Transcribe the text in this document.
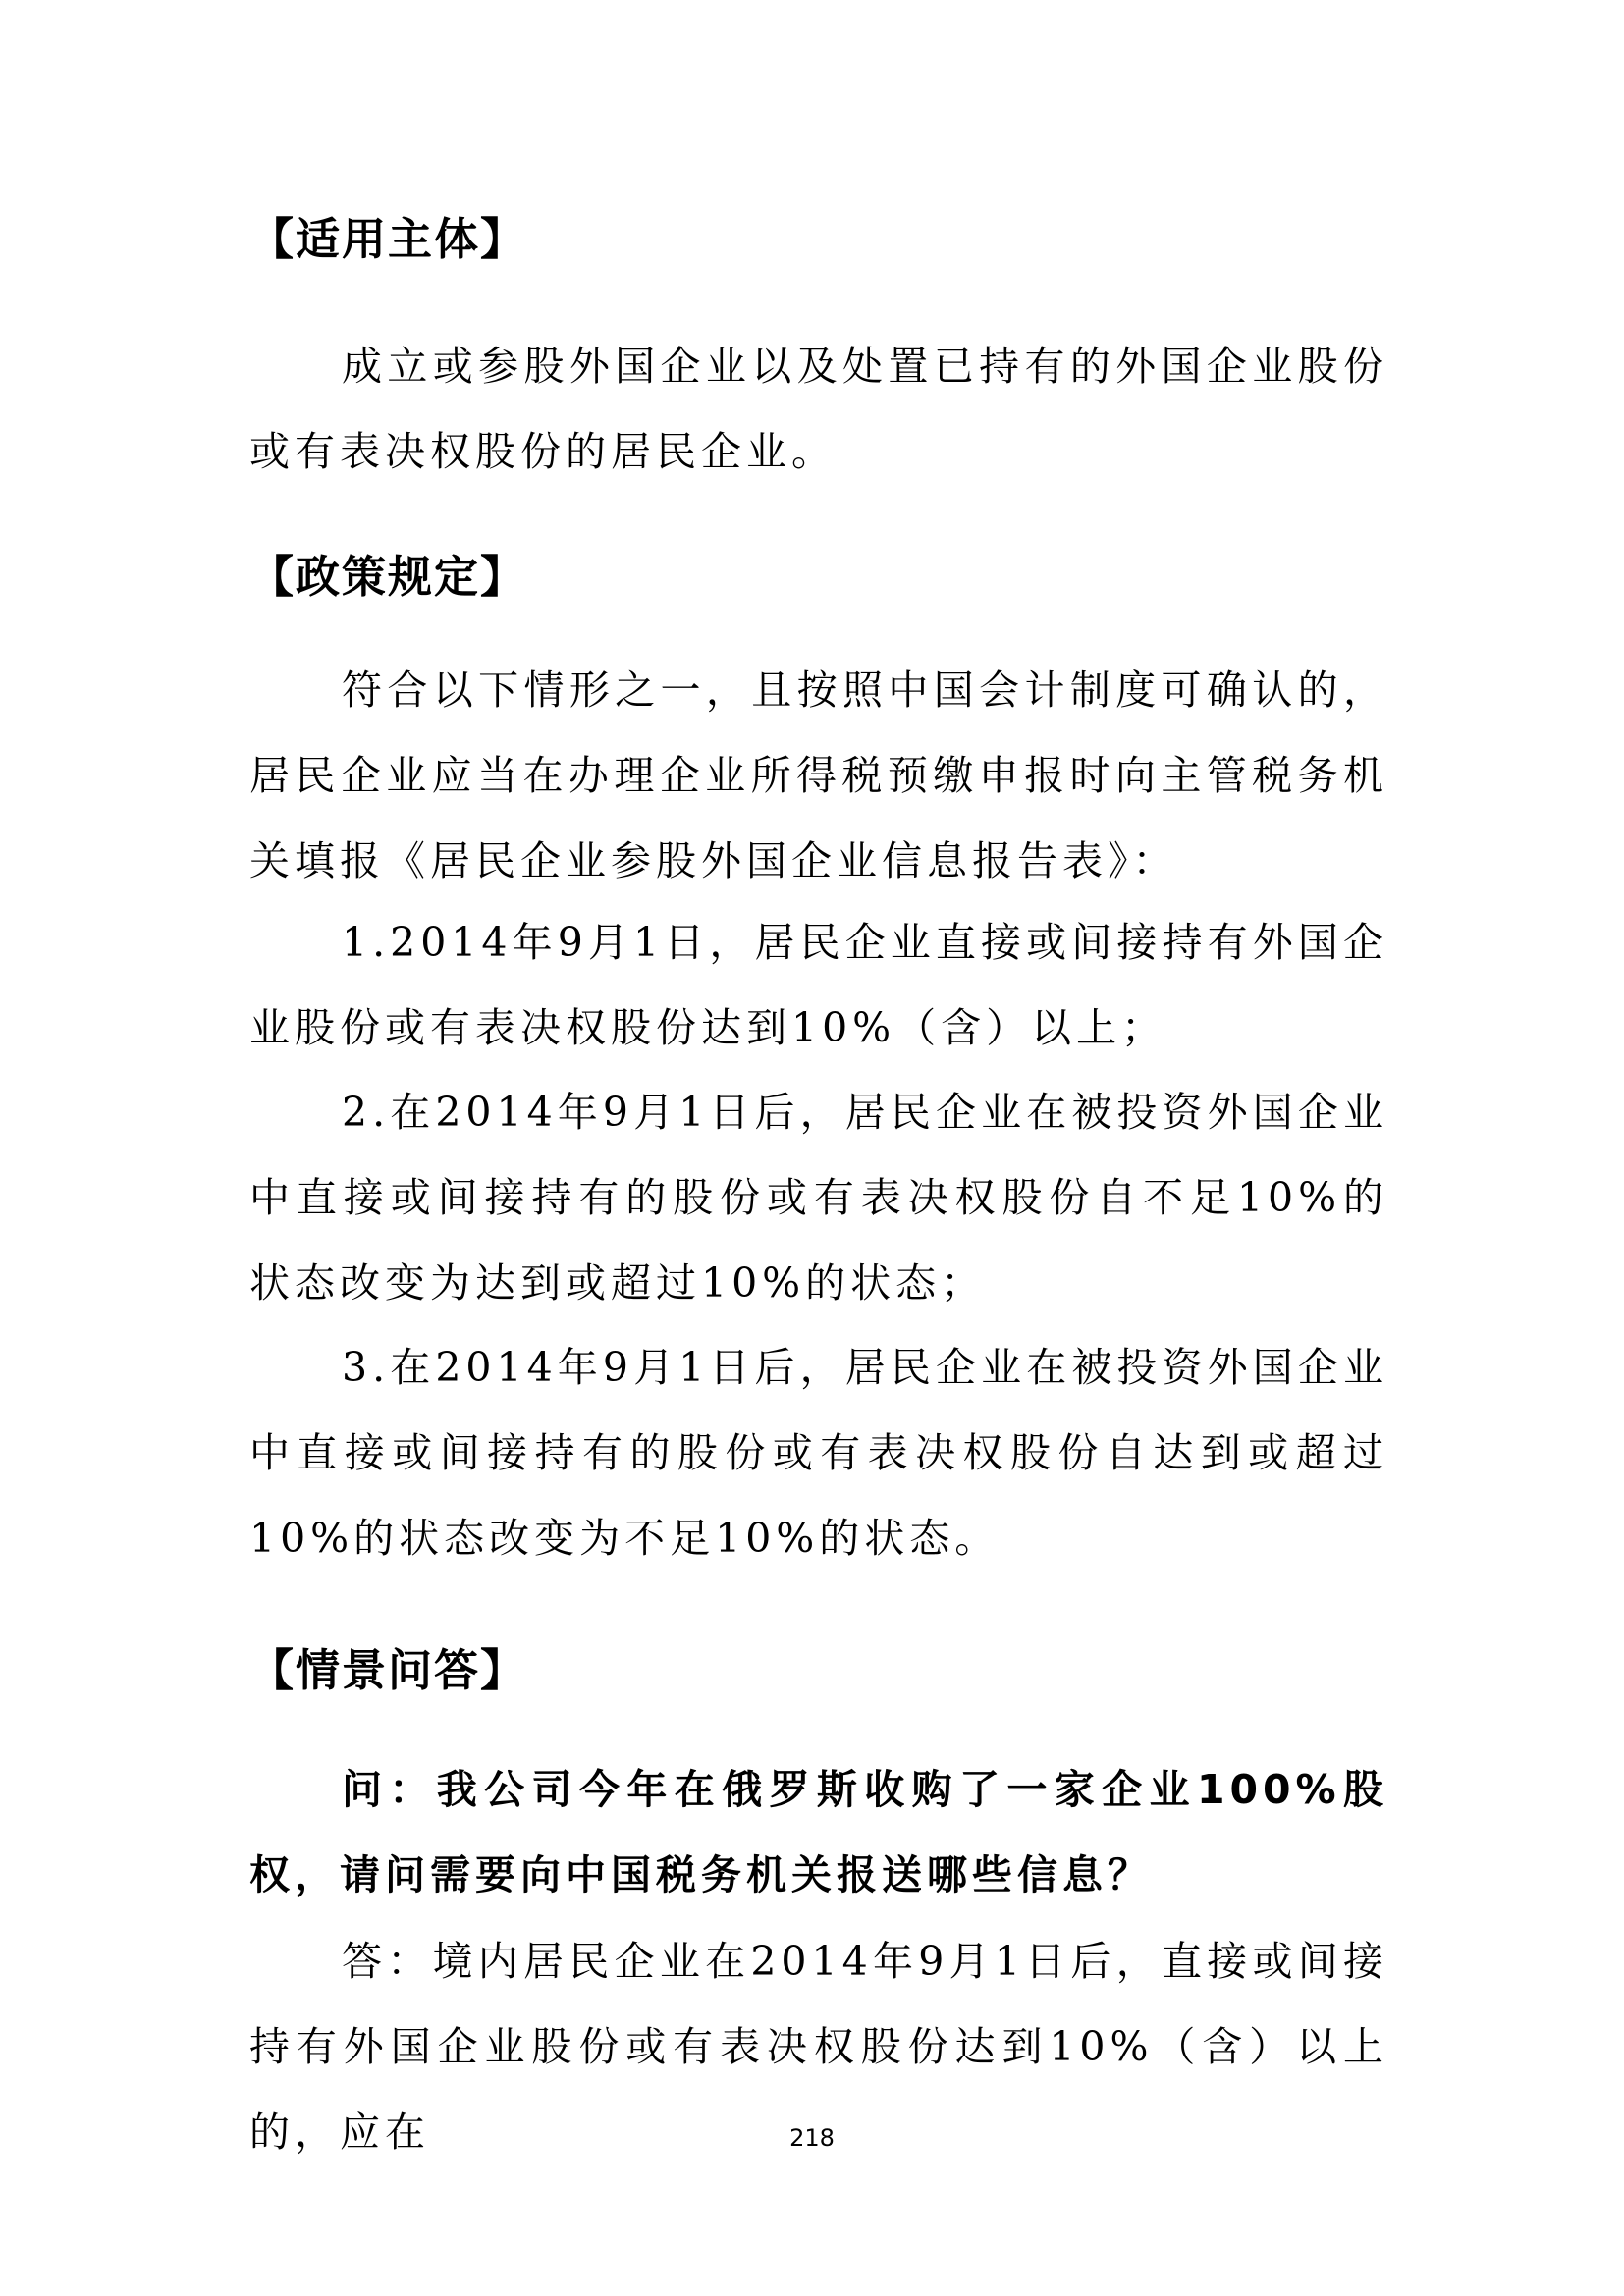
【适用主体】

成立或参股外国企业以及处置已持有的外国企业股份或有表决权股份的居民企业。

【政策规定】

符合以下情形之一，且按照中国会计制度可确认的，居民企业应当在办理企业所得税预缴申报时向主管税务机关填报《居民企业参股外国企业信息报告表》：

1.2014年9月1日，居民企业直接或间接持有外国企业股份或有表决权股份达到10%（含）以上；

2.在2014年9月1日后，居民企业在被投资外国企业中直接或间接持有的股份或有表决权股份自不足10%的状态改变为达到或超过10%的状态；

3.在2014年9月1日后，居民企业在被投资外国企业中直接或间接持有的股份或有表决权股份自达到或超过10%的状态改变为不足10%的状态。

【情景问答】

问：我公司今年在俄罗斯收购了一家企业100%股权，请问需要向中国税务机关报送哪些信息？

答：境内居民企业在2014年9月1日后，直接或间接持有外国企业股份或有表决权股份达到10%（含）以上的，应在	218
